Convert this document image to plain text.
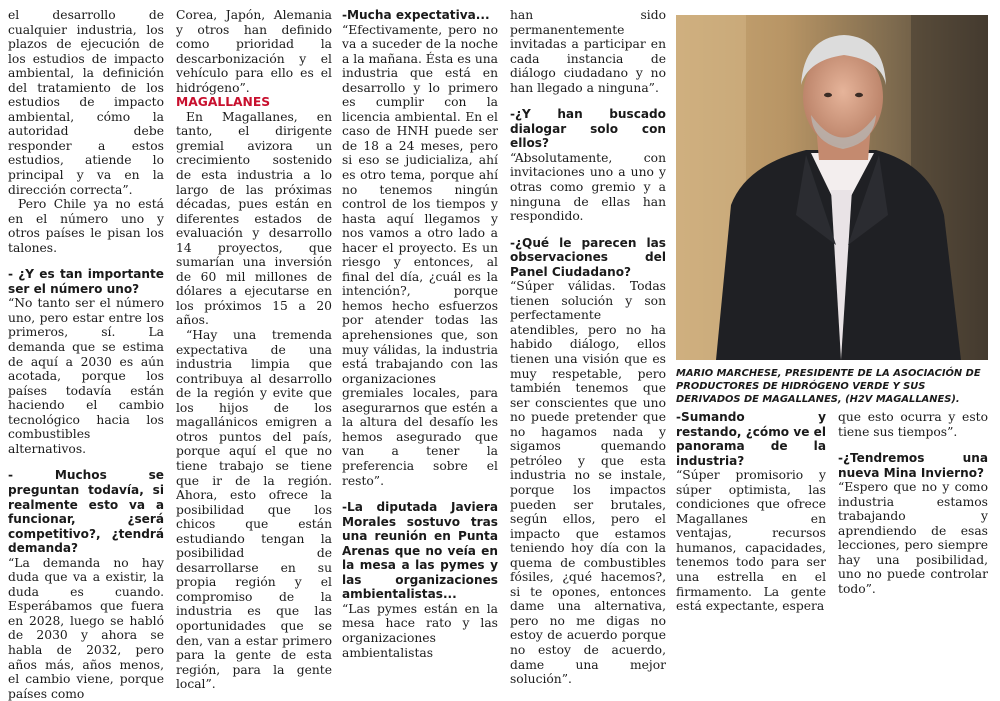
el desarrollo de cualquier industria, los plazos de ejecución de los estudios de impacto ambiental, la definición del tratamiento de los estudios de impacto ambiental, cómo la autoridad debe responder a estos estudios, atiende lo principal y va en la dirección correcta”.

Pero Chile ya no está en el número uno y otros países le pisan los talones.

- ¿Y es tan importante ser el número uno?

“No tanto ser el número uno, pero estar entre los primeros, sí. La demanda que se estima de aquí a 2030 es aún acotada, porque los países todavía están haciendo el cambio tecnológico hacia los combustibles alternativos.

- Muchos se preguntan todavía, si realmente esto va a funcionar, ¿será competitivo?, ¿tendrá demanda?

“La demanda no hay duda que va a existir, la duda es cuando. Esperábamos que fuera en 2028, luego se habló de 2030 y ahora se habla de 2032, pero años más, años menos, el cambio viene, porque países como

Corea, Japón, Alemania y otros han definido como prioridad la descarbonización y el vehículo para ello es el hidrógeno”.

MAGALLANES

En Magallanes, en tanto, el dirigente gremial avizora un crecimiento sostenido de esta industria a lo largo de las próximas décadas, pues están en diferentes estados de evaluación y desarrollo 14 proyectos, que sumarían una inversión de 60 mil millones de dólares a ejecutarse en los próximos 15 a 20 años.

“Hay una tremenda expectativa de una industria limpia que contribuya al desarrollo de la región y evite que los hijos de los magallánicos emigren a otros puntos del país, porque aquí el que no tiene trabajo se tiene que ir de la región. Ahora, esto ofrece la posibilidad que los chicos que están estudiando tengan la posibilidad de desarrollarse en su propia región y el compromiso de la industria es que las oportunidades que se den, van a estar primero para la gente de esta región, para la gente local”.

-Mucha expectativa...

“Efectivamente, pero no va a suceder de la noche a la mañana. Ésta es una industria que está en desarrollo y lo primero es cumplir con la licencia ambiental. En el caso de HNH puede ser de 18 a 24 meses, pero si eso se judicializa, ahí es otro tema, porque ahí no tenemos ningún control de los tiempos y hasta aquí llegamos y nos vamos a otro lado a hacer el proyecto. Es un riesgo y entonces, al final del día, ¿cuál es la intención?, porque hemos hecho esfuerzos por atender todas las aprehensiones que, son muy válidas, la industria está trabajando con las organizaciones gremiales locales, para asegurarnos que estén a la altura del desafío les hemos asegurado que van a tener la preferencia sobre el resto”.

-La diputada Javiera Morales sostuvo tras una reunión en Punta Arenas que no veía en la mesa a las pymes y las organizaciones ambientalistas...

“Las pymes están en la mesa hace rato y las organizaciones ambientalistas

han sido permanentemente invitadas a participar en cada instancia de diálogo ciudadano y no han llegado a ninguna”.

-¿Y han buscado dialogar solo con ellos?

“Absolutamente, con invitaciones uno a uno y otras como gremio y a ninguna de ellas han respondido.

-¿Qué le parecen las observaciones del Panel Ciudadano?

“Súper válidas. Todas tienen solución y son perfectamente atendibles, pero no ha habido diálogo, ellos tienen una visión que es muy respetable, pero también tenemos que ser conscientes que uno no puede pretender que no hagamos nada y sigamos quemando petróleo y que esta industria no se instale, porque los impactos pueden ser brutales, según ellos, pero el impacto que estamos teniendo hoy día con la quema de combustibles fósiles, ¿qué hacemos?, si te opones, entonces dame una alternativa, pero no me digas no estoy de acuerdo porque no estoy de acuerdo, dame una mejor solución”.

MARIO MARCHESE, PRESIDENTE DE LA ASOCIACIÓN DE PRODUCTORES DE HIDRÓGENO VERDE Y SUS DERIVADOS DE MAGALLANES, (H2V MAGALLANES).

-Sumando y restando, ¿cómo ve el panorama de la industria?

“Súper promisorio y súper optimista, las condiciones que ofrece Magallanes en ventajas, recursos humanos, capacidades, tenemos todo para ser una estrella en el firmamento. La gente está expectante, espera

que esto ocurra y esto tiene sus tiempos”.

-¿Tendremos una nueva Mina Invierno?

“Espero que no y como industria estamos trabajando y aprendiendo de esas lecciones, pero siempre hay una posibilidad, uno no puede controlar todo”.
